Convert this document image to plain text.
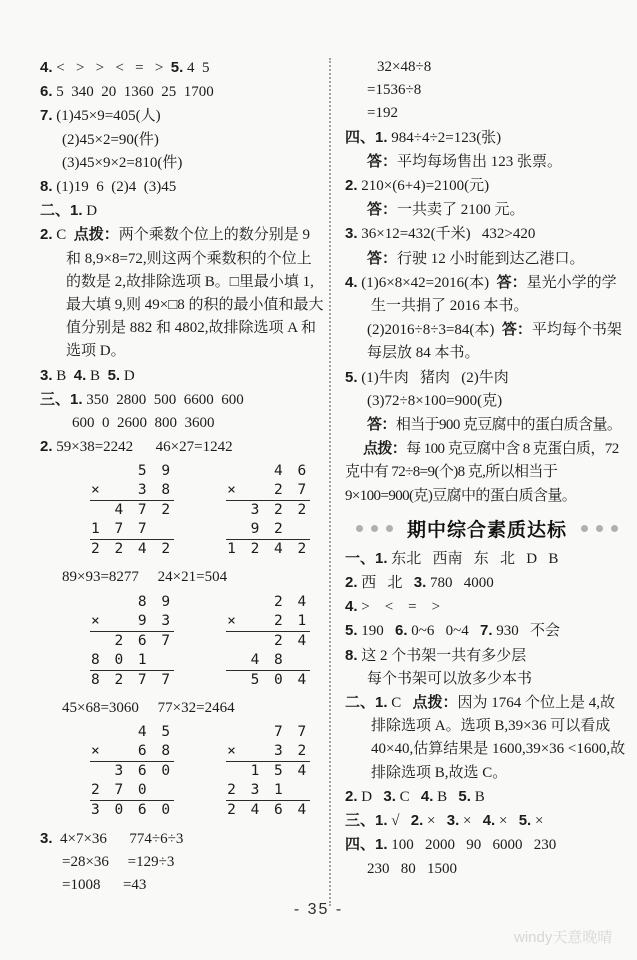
4. <   >   >   <   =   >  5. 4  5

6. 5  340  20  1360  25  1700

7. (1)45×9=405(人)

(2)45×2=90(件)

(3)45×9×2=810(件)

8. (1)19  6  (2)4  (3)45

二、1. D

2. C  点拨：两个乘数个位上的数分别是 9 和 8,9×8=72,则这两个乘数积的个位上的数是 2,故排除选项 B。□里最小填 1,最大填 9,则 49×□8 的积的最小值和最大值分别是 882 和 4802,故排除选项 A 和选项 D。

3. B  4. B  5. D

三、1. 350  2800  500  6600  600

600  0  2600  800  3600

2. 59×38=2242      46×27=1242

5 9
×   3 8
4 7 2
1 7 7
2 2 4 2
4 6
×   2 7
3 2 2
9 2
1 2 4 2

89×93=8277     24×21=504

8 9
×   9 3
2 6 7
8 0 1
8 2 7 7
2 4
×   2 1
2 4
4 8
5 0 4

45×68=3060     77×32=2464

4 5
×   6 8
3 6 0
2 7 0
3 0 6 0
7 7
×   3 2
1 5 4
2 3 1
2 4 6 4

3.  4×7×36      774÷6÷3

=28×36     =129÷3

=1008      =43

32×48÷8

=1536÷8

=192

四、1. 984÷4÷2=123(张)

答：平均每场售出 123 张票。

2. 210×(6+4)=2100(元)

答：一共卖了 2100 元。

3. 36×12=432(千米)   432>420

答：行驶 12 小时能到达乙港口。

4. (1)6×8×42=2016(本)  答：星光小学的学生一共捐了 2016 本书。

(2)2016÷8÷3=84(本)  答：平均每个书架每层放 84 本书。

5. (1)牛肉   猪肉   (2)牛肉

(3)72÷8×100=900(克)

答：相当于900 克豆腐中的蛋白质含量。

点拨：每 100 克豆腐中含 8 克蛋白质，72 克中有 72÷8=9(个)8 克,所以相当于 9×100=900(克)豆腐中的蛋白质含量。

期中综合素质达标

一、1. 东北   西南   东   北   D   B

2. 西   北   3. 780   4000

4. >    <    =    >

5. 190   6. 0~6   0~4   7. 930   不会

8. 这 2 个书架一共有多少层

每个书架可以放多少本书

二、1. C   点拨：因为 1764 个位上是 4,故排除选项 A。选项 B,39×36 可以看成 40×40,估算结果是 1600,39×36 <1600,故排除选项 B,故选 C。

2. D   3. C   4. B   5. B

三、1. √   2. ×   3. ×   4. ×   5. ×

四、1. 100   2000   90   6000   230

230   80   1500

- 35 -
windy天意晚晴
